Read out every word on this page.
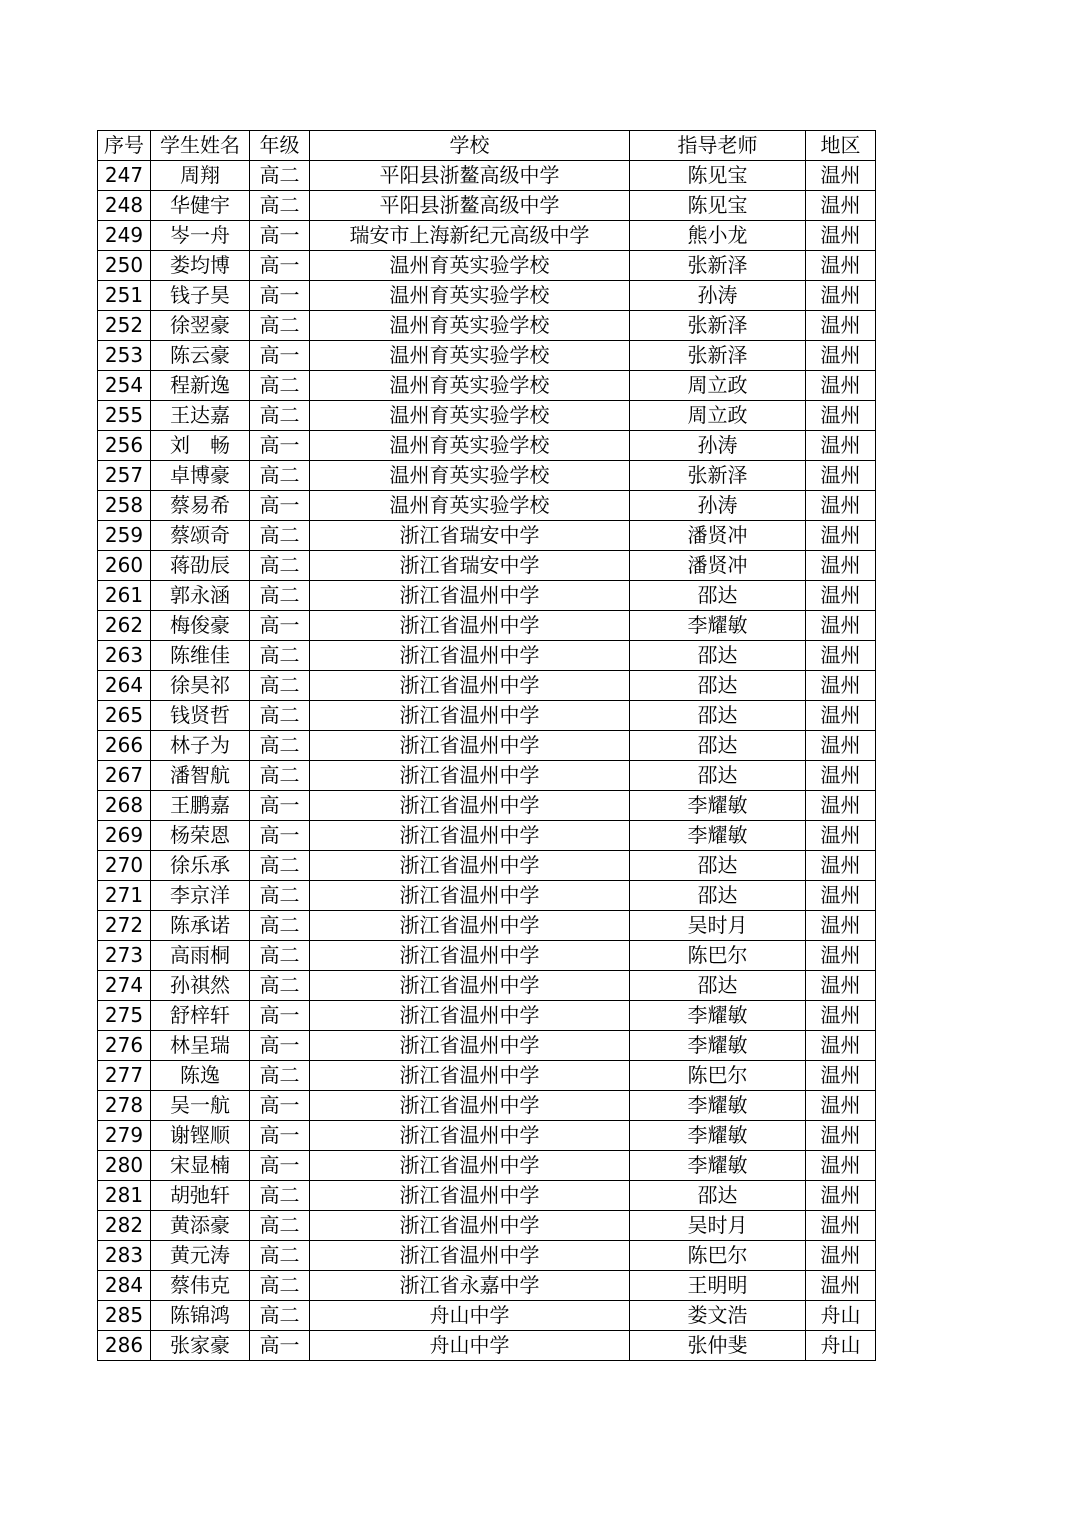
序号	学生姓名	年级	学校	指导老师	地区
247	周翔	高二	平阳县浙鳌高级中学	陈见宝	温州
248	华健宇	高二	平阳县浙鳌高级中学	陈见宝	温州
249	岑一舟	高一	瑞安市上海新纪元高级中学	熊小龙	温州
250	娄均博	高一	温州育英实验学校	张新泽	温州
251	钱子昊	高一	温州育英实验学校	孙涛	温州
252	徐翌豪	高二	温州育英实验学校	张新泽	温州
253	陈云豪	高一	温州育英实验学校	张新泽	温州
254	程新逸	高二	温州育英实验学校	周立政	温州
255	王达嘉	高二	温州育英实验学校	周立政	温州
256	刘　畅	高一	温州育英实验学校	孙涛	温州
257	卓博豪	高二	温州育英实验学校	张新泽	温州
258	蔡易希	高一	温州育英实验学校	孙涛	温州
259	蔡颂奇	高二	浙江省瑞安中学	潘贤冲	温州
260	蒋劭辰	高二	浙江省瑞安中学	潘贤冲	温州
261	郭永涵	高二	浙江省温州中学	邵达	温州
262	梅俊豪	高一	浙江省温州中学	李耀敏	温州
263	陈维佳	高二	浙江省温州中学	邵达	温州
264	徐昊祁	高二	浙江省温州中学	邵达	温州
265	钱贤哲	高二	浙江省温州中学	邵达	温州
266	林子为	高二	浙江省温州中学	邵达	温州
267	潘智航	高二	浙江省温州中学	邵达	温州
268	王鹏嘉	高一	浙江省温州中学	李耀敏	温州
269	杨荣恩	高一	浙江省温州中学	李耀敏	温州
270	徐乐承	高二	浙江省温州中学	邵达	温州
271	李京洋	高二	浙江省温州中学	邵达	温州
272	陈承诺	高二	浙江省温州中学	吴时月	温州
273	高雨桐	高二	浙江省温州中学	陈巴尔	温州
274	孙祺然	高二	浙江省温州中学	邵达	温州
275	舒梓轩	高一	浙江省温州中学	李耀敏	温州
276	林呈瑞	高一	浙江省温州中学	李耀敏	温州
277	陈逸	高二	浙江省温州中学	陈巴尔	温州
278	吴一航	高一	浙江省温州中学	李耀敏	温州
279	谢铿顺	高一	浙江省温州中学	李耀敏	温州
280	宋显楠	高一	浙江省温州中学	李耀敏	温州
281	胡弛轩	高二	浙江省温州中学	邵达	温州
282	黄添豪	高二	浙江省温州中学	吴时月	温州
283	黄元涛	高二	浙江省温州中学	陈巴尔	温州
284	蔡伟克	高二	浙江省永嘉中学	王明明	温州
285	陈锦鸿	高二	舟山中学	娄文浩	舟山
286	张家豪	高一	舟山中学	张仲斐	舟山
